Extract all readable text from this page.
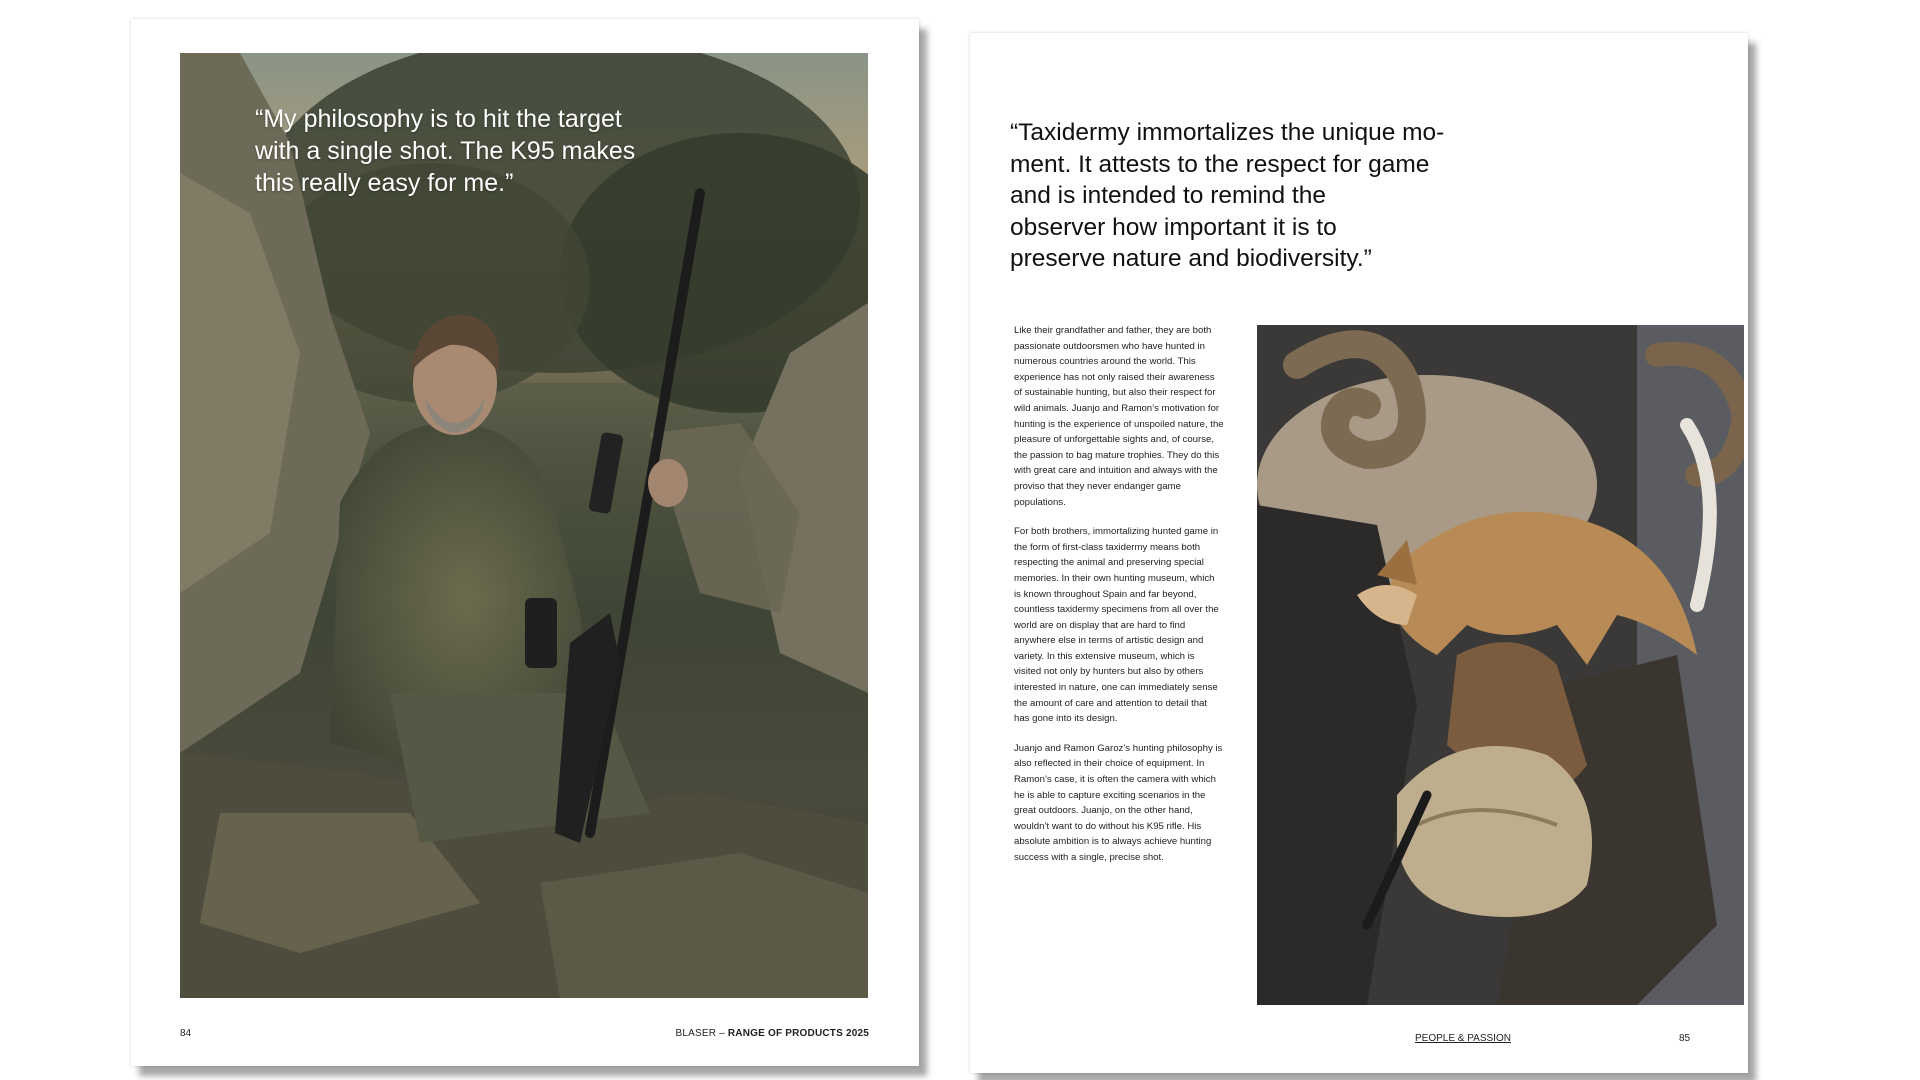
“My philosophy is to hit the target
with a single shot. The K95 makes
this really easy for me.”
84	BLASER – RANGE OF PRODUCTS 2025
“Taxidermy immortalizes the unique mo-
ment. It attests to the respect for game
and is intended to remind the
observer how important it is to
preserve nature and biodiversity.”

Like their grandfather and father, they are both passionate outdoorsmen who have hunted in numerous countries around the world. This experience has not only raised their awareness of sustainable hunting, but also their respect for wild animals. Juanjo and Ramon’s motivation for hunting is the experience of unspoiled nature, the pleasure of unforgettable sights and, of course, the passion to bag mature trophies. They do this with great care and intuition and always with the proviso that they never endanger game populations.

For both brothers, immortalizing hunted game in the form of first-class taxidermy means both respecting the animal and preserving special memories. In their own hunting museum, which is known throughout Spain and far beyond, countless taxidermy specimens from all over the world are on display that are hard to find anywhere else in terms of artistic design and variety. In this extensive museum, which is visited not only by hunters but also by others interested in nature, one can immediately sense the amount of care and attention to detail that has gone into its design.

Juanjo and Ramon Garoz’s hunting philosophy is also reflected in their choice of equipment. In Ramon’s case, it is often the camera with which he is able to capture exciting scenarios in the great outdoors. Juanjo, on the other hand, wouldn’t want to do without his K95 rifle. His absolute ambition is to always achieve hunting success with a single, precise shot.

PEOPLE & PASSION	85
